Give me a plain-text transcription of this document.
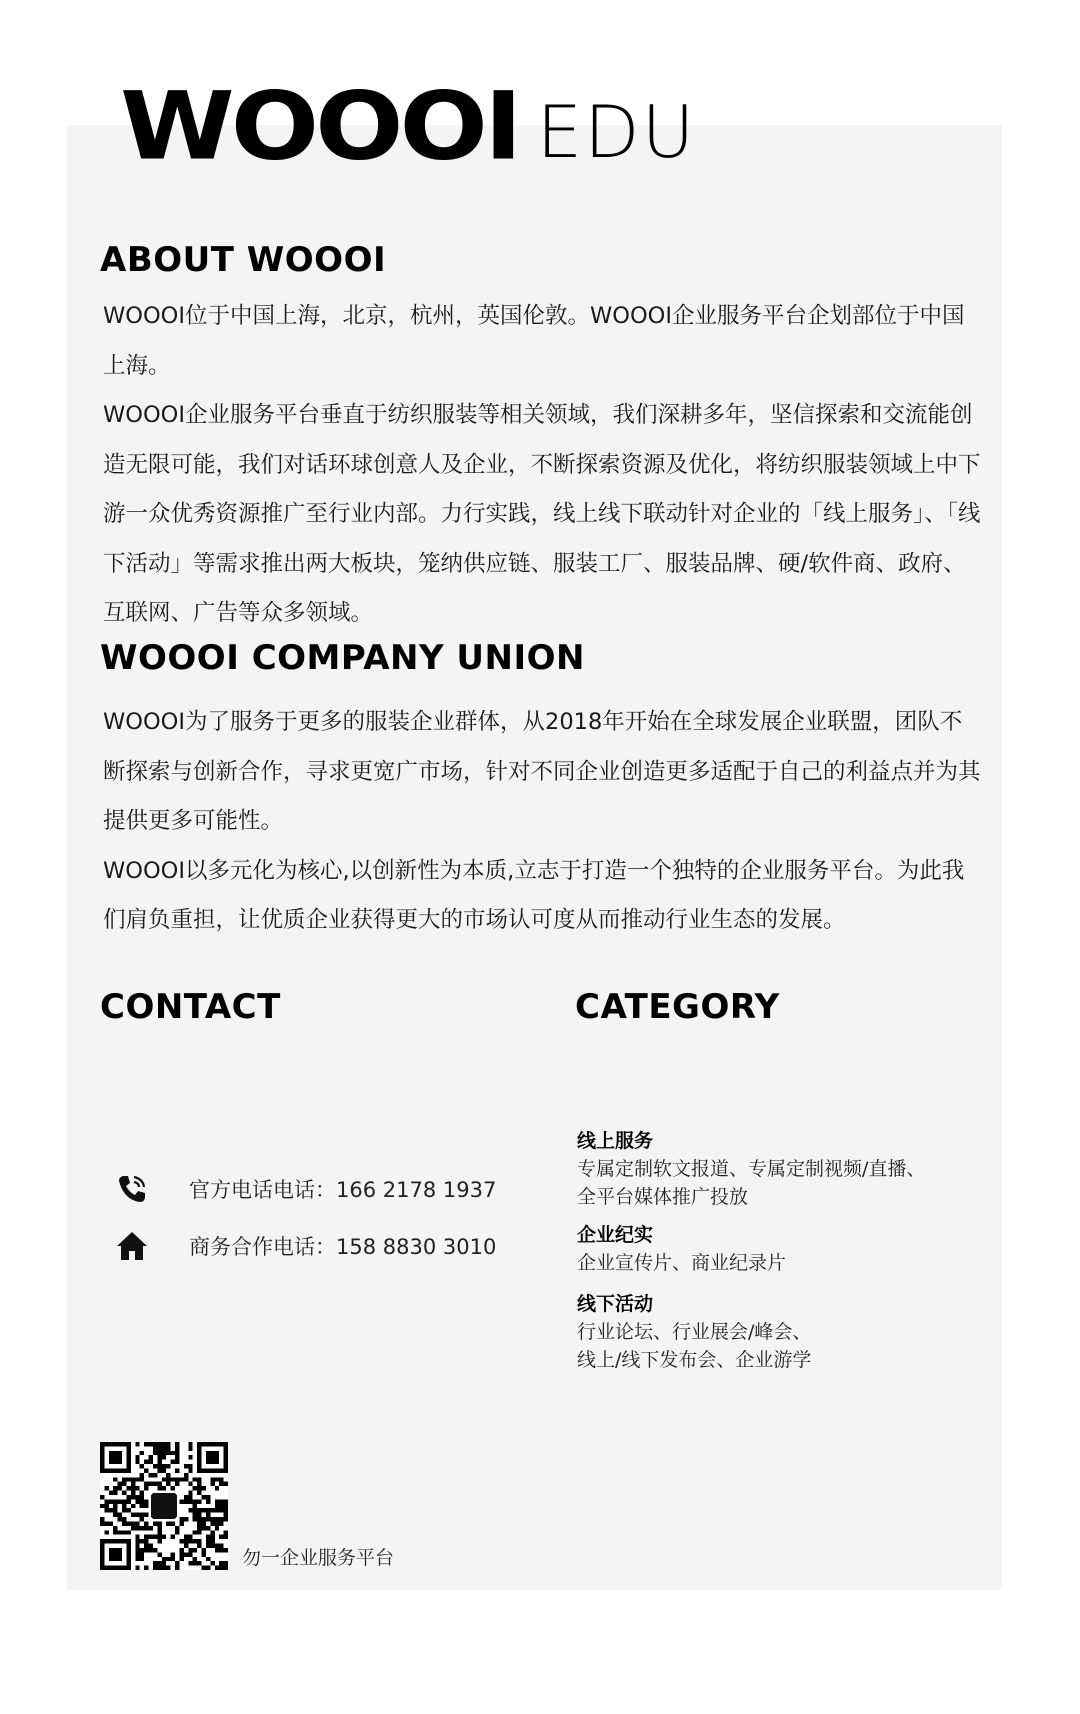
WOOOI EDU
ABOUT WOOOI

WOOOI位于中国上海，北京，杭州，英国伦敦。WOOOI企业服务平台企划部位于中国上海。

WOOOI企业服务平台垂直于纺织服装等相关领域，我们深耕多年，坚信探索和交流能创造无限可能，我们对话环球创意人及企业，不断探索资源及优化，将纺织服装领域上中下游一众优秀资源推广至行业内部。力行实践，线上线下联动针对企业的「线上服务」、「线下活动」等需求推出两大板块，笼纳供应链、服装工厂、服装品牌、硬/软件商、政府、互联网、广告等众多领域。

WOOOI COMPANY UNION

WOOOI为了服务于更多的服装企业群体，从2018年开始在全球发展企业联盟，团队不断探索与创新合作，寻求更宽广市场，针对不同企业创造更多适配于自己的利益点并为其提供更多可能性。

WOOOI以多元化为核心,以创新性为本质,立志于打造一个独特的企业服务平台。为此我们肩负重担，让优质企业获得更大的市场认可度从而推动行业生态的发展。

CONTACT
官方电话电话：166 2178 1937
商务合作电话：158 8830 3010
CATEGORY
线上服务
专属定制软文报道、专属定制视频/直播、
全平台媒体推广投放
企业纪实
企业宣传片、商业纪录片
线下活动
行业论坛、行业展会/峰会、
线上/线下发布会、企业游学
勿一企业服务平台
